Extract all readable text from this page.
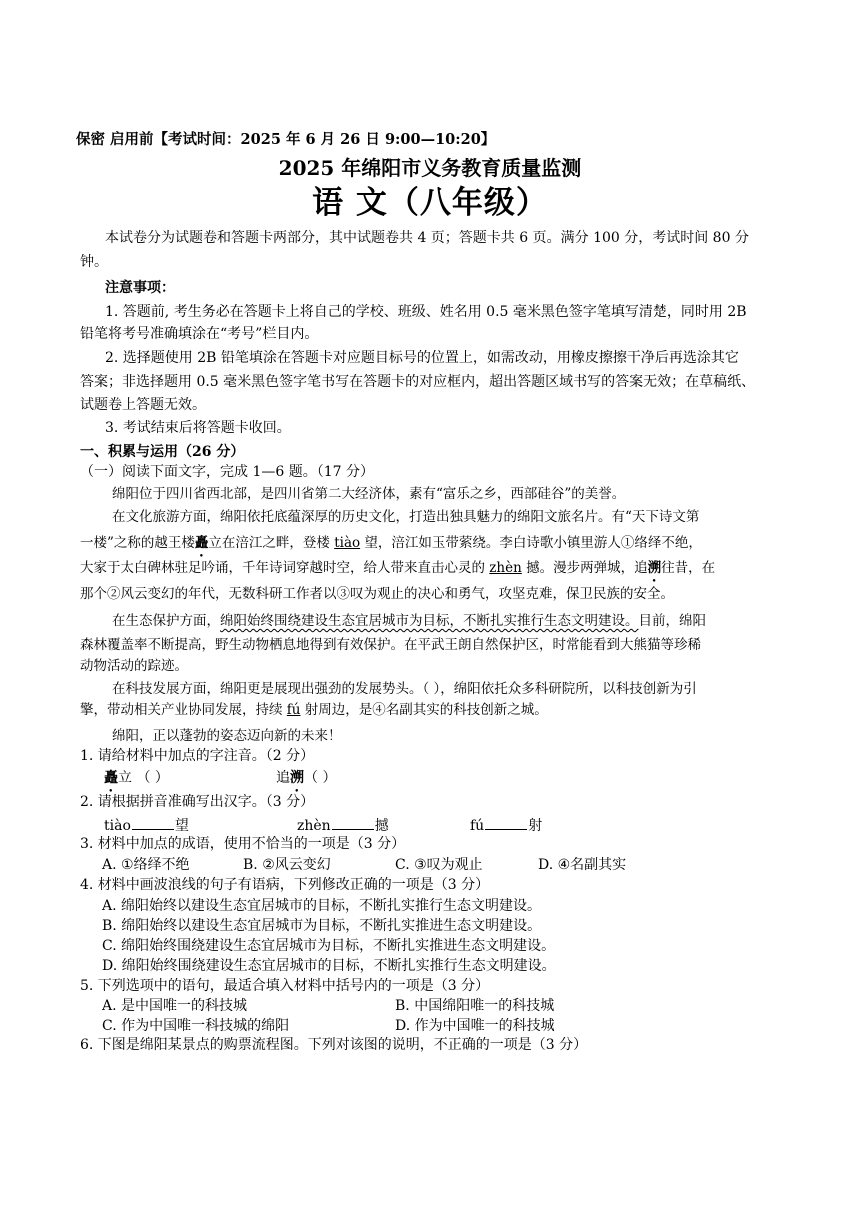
保密 启用前【考试时间：2025 年 6 月 26 日 9:00—10:20】
2025 年绵阳市义务教育质量监测
语 文（八年级）
本试卷分为试题卷和答题卡两部分，其中试题卷共 4 页；答题卡共 6 页。满分 100 分，考试时间 80 分
钟。
注意事项：
1. 答题前, 考生务必在答题卡上将自己的学校、班级、姓名用 0.5 毫米黑色签字笔填写清楚，同时用 2B
铅笔将考号准确填涂在“考号”栏目内。
2. 选择题使用 2B 铅笔填涂在答题卡对应题目标号的位置上，如需改动，用橡皮擦擦干净后再选涂其它
答案；非选择题用 0.5 毫米黑色签字笔书写在答题卡的对应框内，超出答题区域书写的答案无效；在草稿纸、
试题卷上答题无效。
3. 考试结束后将答题卡收回。
一、积累与运用（26 分）
（一）阅读下面文字，完成 1—6 题。（17 分）
绵阳位于四川省西北部，是四川省第二大经济体，素有“富乐之乡，西部硅谷”的美誉。
在文化旅游方面，绵阳依托底蕴深厚的历史文化，打造出独具魅力的绵阳文旅名片。有“天下诗文第
一楼”之称的越王楼矗立在涪江之畔，登楼 tiào 望，涪江如玉带萦绕。李白诗歌小镇里游人①络绎不绝，
大家于太白碑林驻足吟诵，千年诗词穿越时空，给人带来直击心灵的 zhèn 撼。漫步两弹城，追溯往昔，在
那个②风云变幻的年代，无数科研工作者以③叹为观止的决心和勇气，攻坚克难，保卫民族的安全。
在生态保护方面，绵阳始终围绕建设生态宜居城市为目标，不断扎实推行生态文明建设。目前，绵阳
森林覆盖率不断提高，野生动物栖息地得到有效保护。在平武王朗自然保护区，时常能看到大熊猫等珍稀
动物活动的踪迹。
在科技发展方面，绵阳更是展现出强劲的发展势头。（ ），绵阳依托众多科研院所，以科技创新为引
擎，带动相关产业协同发展，持续 fú 射周边，是④名副其实的科技创新之城。
绵阳，正以蓬勃的姿态迈向新的未来！
1. 请给材料中加点的字注音。（2 分）
矗立 （ ）	追溯（ ）
2. 请根据拼音准确写出汉字。（3 分）
tiào	望	zhèn	撼	fú	射
3. 材料中加点的成语，使用不恰当的一项是（3 分）
A. ①络绎不绝	B. ②风云变幻	C. ③叹为观止	D. ④名副其实
4. 材料中画波浪线的句子有语病，下列修改正确的一项是（3 分）
A. 绵阳始终以建设生态宜居城市的目标，不断扎实推行生态文明建设。
B. 绵阳始终以建设生态宜居城市为目标，不断扎实推进生态文明建设。
C. 绵阳始终围绕建设生态宜居城市为目标，不断扎实推进生态文明建设。
D. 绵阳始终围绕建设生态宜居城市的目标，不断扎实推行生态文明建设。
5. 下列选项中的语句，最适合填入材料中括号内的一项是（3 分）
A. 是中国唯一的科技城	B. 中国绵阳唯一的科技城
C. 作为中国唯一科技城的绵阳	D. 作为中国唯一的科技城
6. 下图是绵阳某景点的购票流程图。下列对该图的说明，不正确的一项是（3 分）
